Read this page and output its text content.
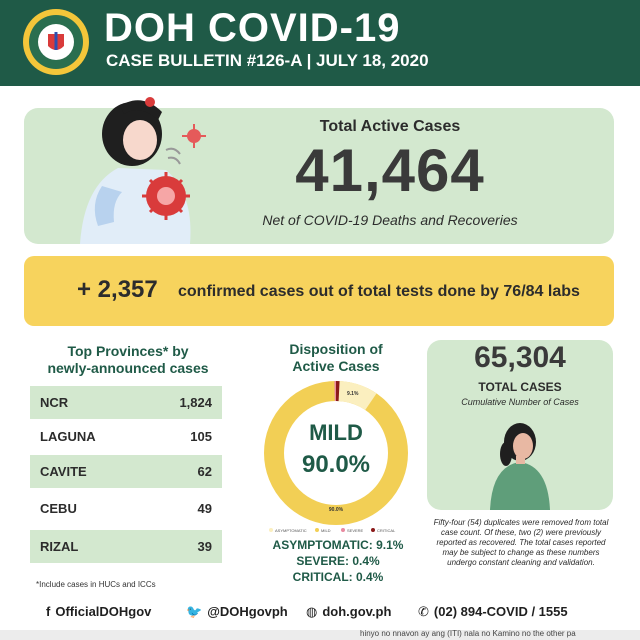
DOH COVID-19
CASE BULLETIN #126-A | JULY 18, 2020
Total Active Cases
41,464
Net of COVID-19 Deaths and Recoveries
+ 2,357 confirmed cases out of total tests done by 76/84 labs
Top Provinces* by
newly-announced cases
NCR	1,824
LAGUNA	105
CAVITE	62
CEBU	49
RIZAL	39
*Include cases in HUCs and ICCs
Disposition of
Active Cases
MILD
90.0%
9.1%
90.0%
ASYMPTOMATIC	MILD	SEVERE	CRITICAL
ASYMPTOMATIC: 9.1%
SEVERE: 0.4%
CRITICAL: 0.4%
65,304
TOTAL CASES
Cumulative Number of Cases
Fifty-four (54) duplicates were removed from total case count. Of these, two (2) were previously reported as recovered. The total cases reported may be subject to change as these numbers undergo constant cleaning and validation.
f OfficialDOHgov	🐦 @DOHgovph ◍ doh.gov.ph ✆ (02) 894-COVID / 1555
hinyo no nnavon ay ang (ITI) nala no Kamino no the other pa
